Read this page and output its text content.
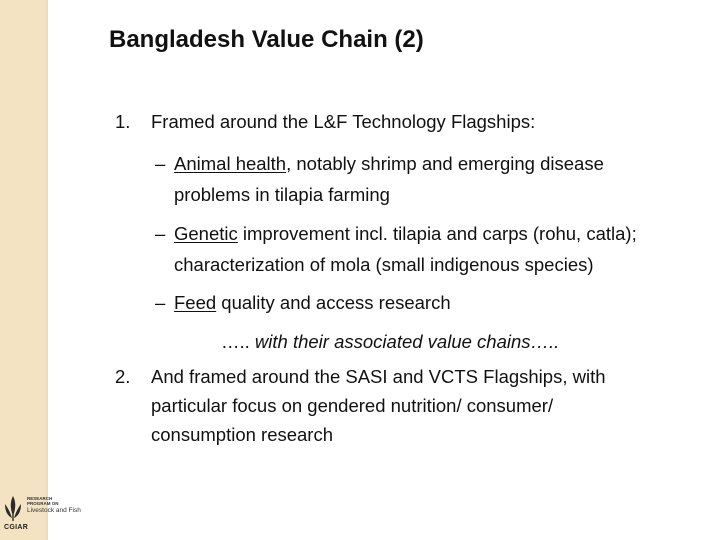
Bangladesh Value Chain (2)
1. Framed around the L&F Technology Flagships:
– Animal health, notably shrimp and emerging disease
problems in tilapia farming
– Genetic improvement incl. tilapia and carps (rohu, catla);
characterization of mola (small indigenous species)
– Feed quality and access research
….. with their associated value chains…..
2. And framed around the SASI and VCTS Flagships, with
particular focus on gendered nutrition/ consumer/
consumption research
CGIAR
RESEARCH
PROGRAM ON
Livestock and Fish
